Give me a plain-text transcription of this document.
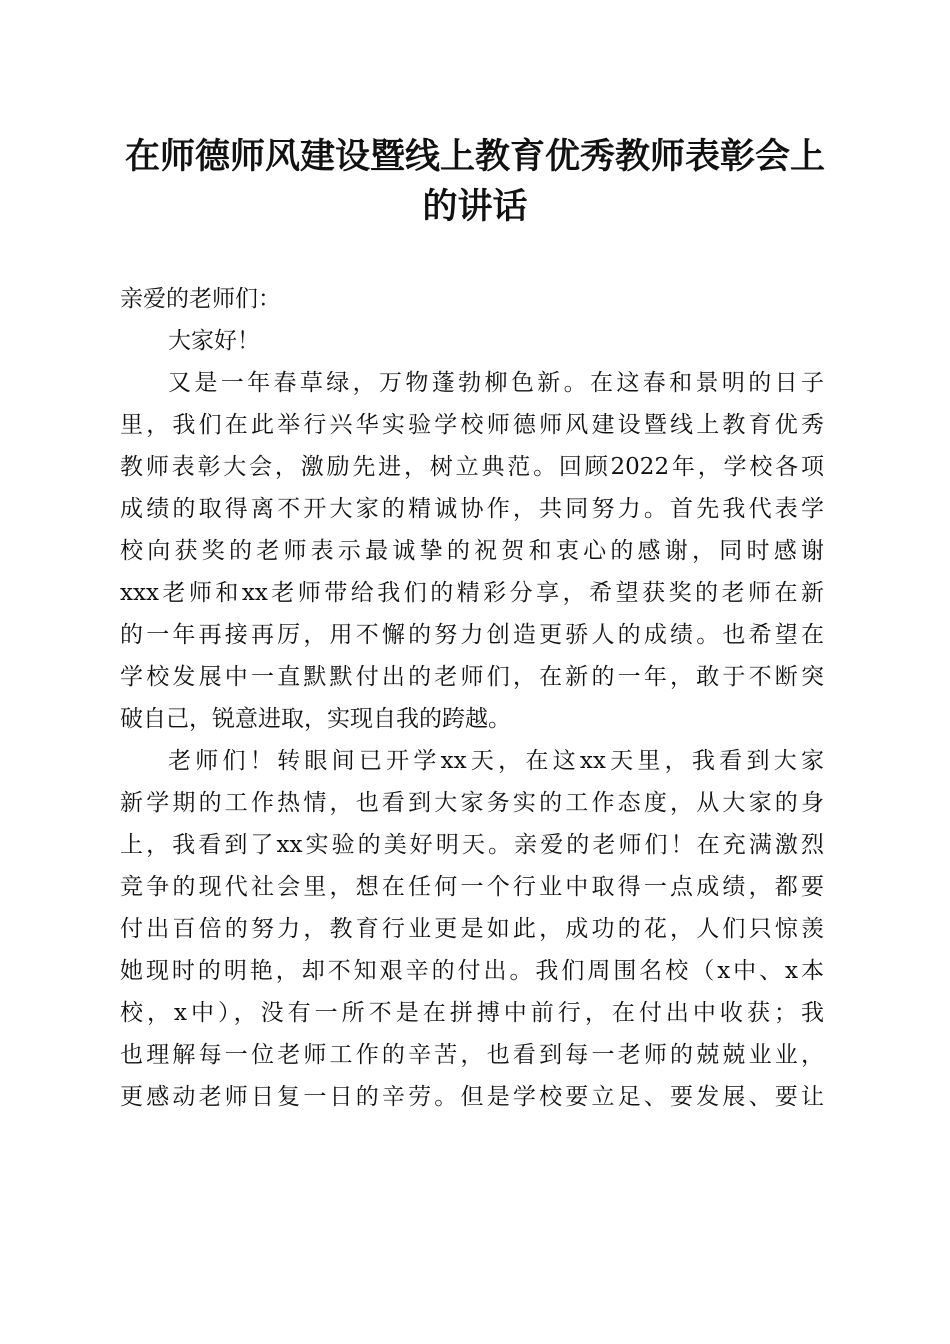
在师德师风建设暨线上教育优秀教师表彰会上
的讲话
亲爱的老师们：
大家好！
又是一年春草绿，万物蓬勃柳色新。在这春和景明的日子
里，我们在此举行兴华实验学校师德师风建设暨线上教育优秀
教师表彰大会，激励先进，树立典范。回顾2022年，学校各项
成绩的取得离不开大家的精诚协作，共同努力。首先我代表学
校向获奖的老师表示最诚挚的祝贺和衷心的感谢，同时感谢
xxx老师和xx老师带给我们的精彩分享，希望获奖的老师在新
的一年再接再厉，用不懈的努力创造更骄人的成绩。也希望在
学校发展中一直默默付出的老师们，在新的一年，敢于不断突
破自己，锐意进取，实现自我的跨越。
老师们！转眼间已开学xx天，在这xx天里，我看到大家
新学期的工作热情，也看到大家务实的工作态度，从大家的身
上，我看到了xx实验的美好明天。亲爱的老师们！在充满激烈
竞争的现代社会里，想在任何一个行业中取得一点成绩，都要
付出百倍的努力，教育行业更是如此，成功的花，人们只惊羡
她现时的明艳，却不知艰辛的付出。我们周围名校（x中、x本
校，x中），没有一所不是在拼搏中前行，在付出中收获；我
也理解每一位老师工作的辛苦，也看到每一老师的兢兢业业，
更感动老师日复一日的辛劳。但是学校要立足、要发展、要让
